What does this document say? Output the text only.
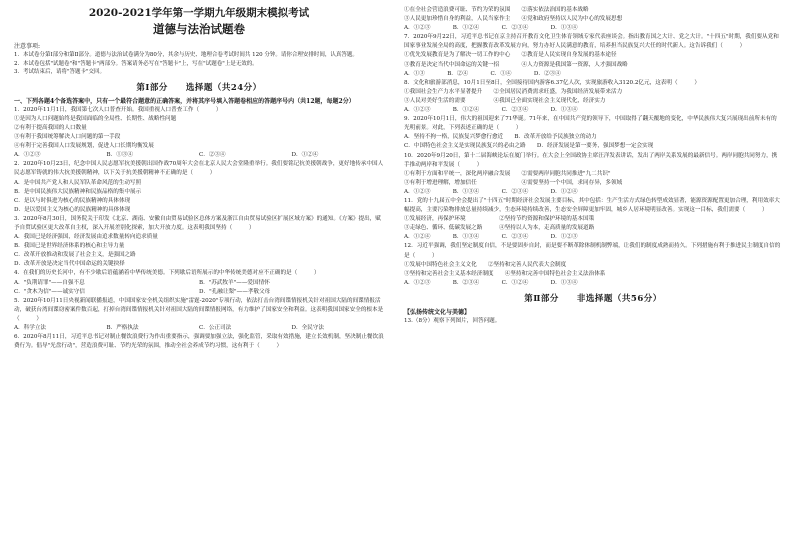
2020-2021学年第一学期九年级期末模拟考试
道德与法治试题卷
注意事项:
1．本试卷分第Ⅰ部分和第Ⅱ部分。道德与法治试卷满分为80分，其余与历史、地理合卷考试时间共 120 分钟。请你合理安排时间，认真答题。
2．本试卷包括"试题卷"和"答题卡"两部分。答案请务必写在"答题卡"上，写在"试题卷"上是无效的。
3．考试结束后，请将"答题卡"交回。
第Ⅰ部分　　选择题（共24分）
一、下列各题4个备选答案中，只有一个最符合题意的正确答案，并将其序号填入答题卷相应的答题序号内（共12题，每题2分）
1．2020年11月1日，我国第七次人口普查开始。我国重视人口普查工作（　　　）
①是因为人口问题始终是我国面临的全局性、长期性、战略性问题
②有利于提高我国的人口数量
③有利于我国统筹解决人口问题的第一手段
④有利于完善我国人口发展规划，促进人口长期均衡发展
A．①②③	B．①③④	C．②③④	D．①②④
2．2020年10月23日，纪念中国人民志愿军抗美援朝出国作战70周年大会在北京人民大会堂隆重举行。我们要铭记抗美援朝战争，更好地传承中国人民志愿军铸就的伟大抗美援朝精神，以下关于抗美援朝精神不正确的是（　　　）
A．是中国共产党人和人民军队革命风范的生动写照
B．是中国民族伟大民族精神和民族品格的集中展示
C．是以与时俱进为核心的民族精神的具体体现
D．是以爱国主义为核心的民族精神的具体体现
3．2020年8月30日，国务院关于印发《北京、湖南、安徽自由贸易试验区总体方案及浙江自由贸易试验区扩展区域方案》的通知。《方案》提出，赋予自贸试验区更大改革自主权，深入开展差别化探索，加大开放力度。这表明我国坚持（　　　）
A．我国已是经济强国，经济发展由追求数量转向追求质量
B．我国已是世界经济体系的核心和主导力量
C．改革开放推动和发展了社会主义，是强国之路
D．改革开放是决定当代中国命运的关键抉择
4．在我们的历史长河中，有不少歇后语蕴涵着中华传统美德。下列歇后语所展示的中华传统美德对应不正确的是（　　　）
A．"负荆请罪"——自强不息	B．"苏武牧羊"——爱国情怀
C．"贪木为信"——诚实守信	D．"孔融让梨"——孝敬父母
5．2020年10月11日央视新闻联播报道，中国国家安全机关组织实施"雷霆-2020"专项行动，依法打击台湾间谍情报机关针对祖国大陆的间谍情报活动，破获台湾间谍窃密案件数百起，打掉台湾间谍情报机关针对祖国大陆的间谍情报网络，有力维护了国家安全和利益。这表明我国国家安全的根本是（　　　）
A．科学立法	B．严格执法	C．公正司法	D．全民守法
6．2020年8月11日，习近平总书记对制止餐饮浪费行为作出重要指示，强调要加强立法，强化监管，采取有效措施，建立长效机制，坚决制止餐饮浪费行为。倡导"光盘行动"，营造浪费可耻、节约光荣的氛围，推动全社会养成节约习惯，这有利于（　　　）
①在全社会营造浪费可耻、节约为荣的氛围　　②落实依法治国的基本战略
③人民更加珍惜自身的利益，人民当家作主　　④党和政府坚持以人民为中心的发展思想
A．①②③　　　　B．①②④　　　　C．②③④　　　　D．①③④
7．2020年9月22日，习近平总书记在京主持召开教育文化卫生体育领域专家代表座谈会。指出教育国之大计、党之大计。"十四五"时期，我们要从党和国家事业发展全局的高度，把握教育改革发展方向，努力办好人民满意的教育，培养担当民族复兴大任的时代新人。这告诉我们（　　　）
①优先发展教育是为了解决一切工作的中心　　②教育是人民实现自身发展的基本途径
③教育是决定当代中国命运的关键一招　　　　④人力资源是我国第一资源，人才强国战略
A．①③　　　　B．②④　　　　C．①④　　　　D．②③④
8．文化和旅游部消息，10月1日至8日，全国接待国内游客6.37亿人次，实现旅游收入3120.2亿元，这表明（　　　）
①我国社会生产力水平显著提升　　②全国居民消费需求旺盛，为我国经济发展带来活力
③人民对美好生活的需要　　　　　④我国已全面实现社会主义现代化，经济实力
A．①②③　　　　B．①②④　　　　C．②③④　　　　D．①③④
9．2020年10月1日，伟大的祖国迎来了71华诞。71年来，在中国共产党的领导下，中国取得了翻天覆地的变化，中华民族伟大复兴展现出前所未有的光明前景。对此，下列表述正确的是（　　　）
A．坚持不拘一格，民族复兴梦愈行愈近　　B．改革开放给予民族独立的动力
C．中国特色社会主义是实现民族复兴的必由之路　　D．经济发展是第一要务，强国梦想一定会实现
10．2020年9月20日，第十二届海峡论坛在厦门举行。在大会上全国政协主席汪洋发表讲话，发出了两岸关系发展的最新信号。两岸同胞共同努力，携手推动两岸和平发展（　　　）
①有利于方面和平统一，深化两岸融合发展　　②需要两岸同胞共同推进"九二共识"
③有利于增进理解，增加信任　　　　　　　　④需要坚持一个中国，求同存异，多领域
A．①②③　　　　B．①③④　　　　C．②③④　　　　D．①②④
11．党的十九届五中全会提出了"十四五"时期经济社会发展主要目标，其中包括：生产生活方式绿色转型成效显著，能源资源配置更加合理，利用效率大幅提高，主要污染物排放总量持续减少，生态环境持续改善，生态安全屏障更加牢固，城乡人居环境明显改善。实现这一目标，我们需要（　　　）
①发展经济，再保护环境　　　　　　②坚持节约资源和保护环境的基本国策
③走绿色、循环、低碳发展之路　　　④坚持以人为本，走高质量的发展道路
A．①②④　　　　B．①③④　　　　C．②③④　　　　D．①②③
12．习近平强调，我们坚定制度自信，不是要固步自封，而是要不断革除体制机制弊端，让我们的制度成熟而持久。下列措施有利于推进民主制度自信的是（　　　）
①发展中国特色社会主义文化　　②坚持和完善人民代表大会制度
③坚持和完善社会主义基本经济制度　　④坚持和完善中国特色社会主义法治体系
A．①②③　　　　B．②③④　　　　C．①②④　　　　D．①③④
第Ⅱ部分　　非选择题（共56分）
【弘扬传统文化与美德】
13.（8分）观察下列图片，回答问题。
